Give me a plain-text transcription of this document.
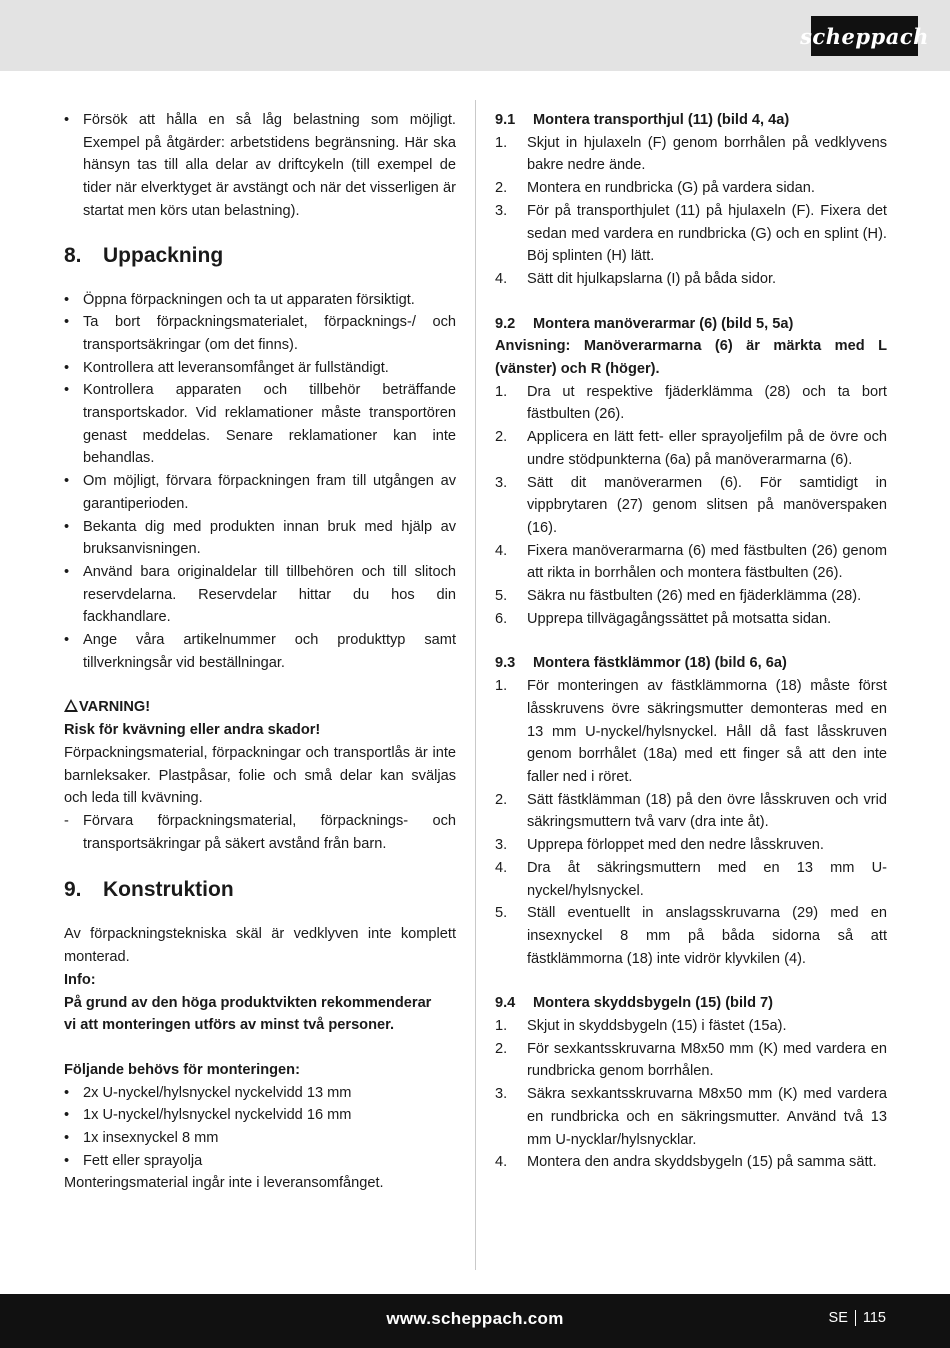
scheppach
• Försök att hålla en så låg belastning som möjligt. Exempel på åtgärder: arbetstidens begränsning. Här ska hänsyn tas till alla delar av driftcykeln (till exempel de tider när elverktyget är avstängt och när det visserligen är startat men körs utan belastning).
8.	Uppackning
• Öppna förpackningen och ta ut apparaten försiktigt.
• Ta bort förpackningsmaterialet, förpacknings-/ och transportsäkringar (om det finns).
• Kontrollera att leveransomfånget är fullständigt.
• Kontrollera apparaten och tillbehör beträffande transportskador. Vid reklamationer måste transportören genast meddelas. Senare reklamationer kan inte behandlas.
• Om möjligt, förvara förpackningen fram till utgången av garantiperioden.
• Bekanta dig med produkten innan bruk med hjälp av bruksanvisningen.
• Använd bara originaldelar till tillbehören och till slitoch reservdelarna. Reservdelar hittar du hos din fackhandlare.
• Ange våra artikelnummer och produkttyp samt tillverkningsår vid beställningar.
VARNING!
Risk för kvävning eller andra skador!
Förpackningsmaterial, förpackningar och transportlås är inte barnleksaker. Plastpåsar, folie och små delar kan sväljas och leda till kvävning.
- Förvara förpackningsmaterial, förpacknings- och transportsäkringar på säkert avstånd från barn.
9.	Konstruktion
Av förpackningstekniska skäl är vedklyven inte komplett monterad.
Info:
På grund av den höga produktvikten rekommenderar
vi att monteringen utförs av minst två personer.
Följande behövs för monteringen:
• 2x U-nyckel/hylsnyckel nyckelvidd 13 mm
• 1x U-nyckel/hylsnyckel nyckelvidd 16 mm
• 1x insexnyckel 8 mm
• Fett eller sprayolja
Monteringsmaterial ingår inte i leveransomfånget.
9.1	Montera transporthjul (11) (bild 4, 4a)
1. Skjut in hjulaxeln (F) genom borrhålen på vedklyvens bakre nedre ände.
2. Montera en rundbricka (G) på vardera sidan.
3. För på transporthjulet (11) på hjulaxeln (F). Fixera det sedan med vardera en rundbricka (G) och en splint (H). Böj splinten (H) lätt.
4. Sätt dit hjulkapslarna (I) på båda sidor.
9.2	Montera manöverarmar (6) (bild 5, 5a)
Anvisning: Manöverarmarna (6) är märkta med L (vänster) och R (höger).
1. Dra ut respektive fjäderklämma (28) och ta bort fästbulten (26).
2. Applicera en lätt fett- eller sprayoljefilm på de övre och undre stödpunkterna (6a) på manöverarmarna (6).
3. Sätt dit manöverarmen (6). För samtidigt in vippbrytaren (27) genom slitsen på manöverspaken (16).
4. Fixera manöverarmarna (6) med fästbulten (26) genom att rikta in borrhålen och montera fästbulten (26).
5. Säkra nu fästbulten (26) med en fjäderklämma (28).
6. Upprepa tillvägagångssättet på motsatta sidan.
9.3	Montera fästklämmor (18) (bild 6, 6a)
1. För monteringen av fästklämmorna (18) måste först låsskruvens övre säkringsmutter demonteras med en 13 mm U-nyckel/hylsnyckel. Håll då fast låsskruven genom borrhålet (18a) med ett finger så att den inte faller ned i röret.
2. Sätt fästklämman (18) på den övre låsskruven och vrid säkringsmuttern två varv (dra inte åt).
3. Upprepa förloppet med den nedre låsskruven.
4. Dra åt säkringsmuttern med en 13 mm U-nyckel/hylsnyckel.
5. Ställ eventuellt in anslagsskruvarna (29) med en insexnyckel 8 mm på båda sidorna så att fästklämmorna (18) inte vidrör klyvkilen (4).
9.4	Montera skyddsbygeln (15) (bild 7)
1. Skjut in skyddsbygeln (15) i fästet (15a).
2. För sexkantsskruvarna M8x50 mm (K) med vardera en rundbricka genom borrhålen.
3. Säkra sexkantsskruvarna M8x50 mm (K) med vardera en rundbricka och en säkringsmutter. Använd två 13 mm U-nycklar/hylsnycklar.
4. Montera den andra skyddsbygeln (15) på samma sätt.
www.scheppach.com	SE 115
